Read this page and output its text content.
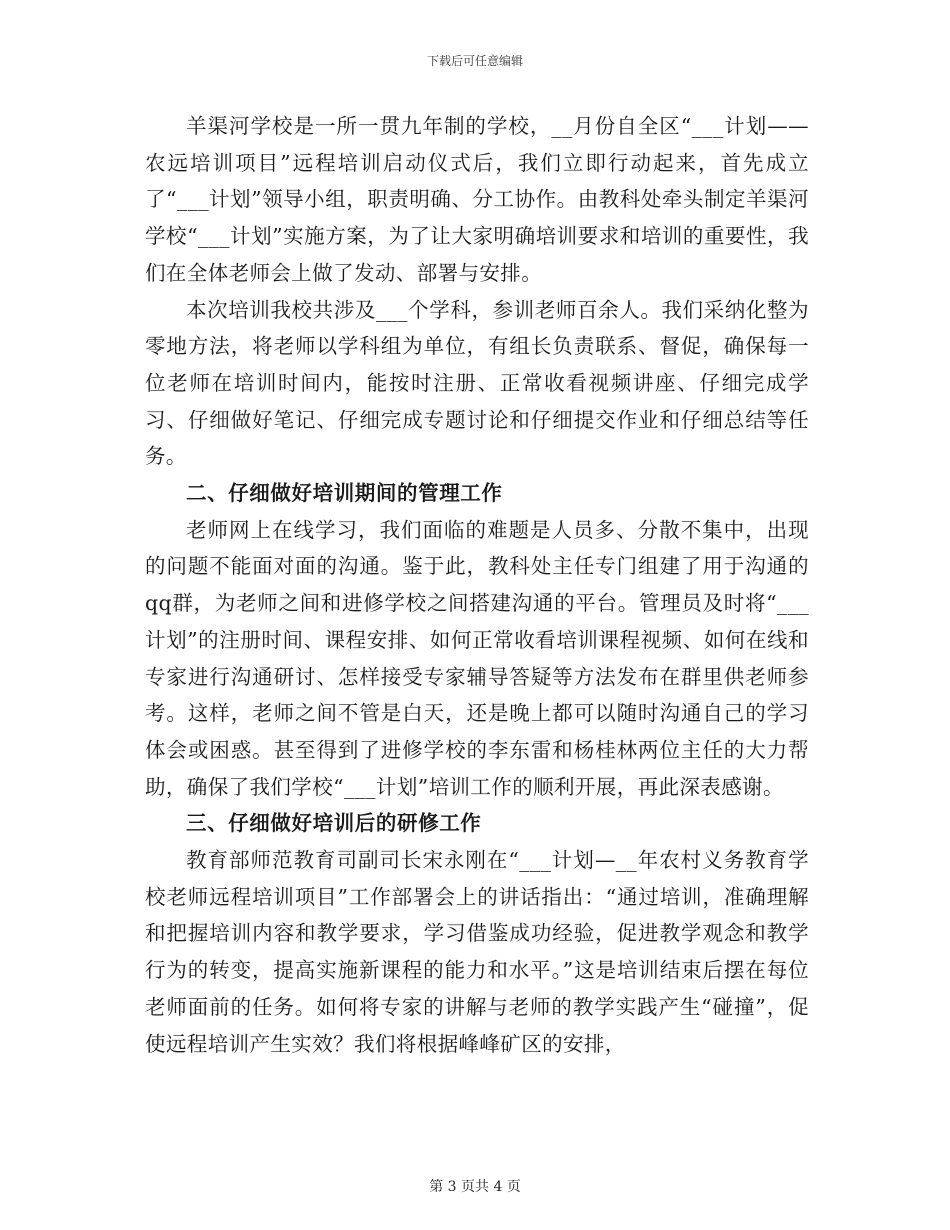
下载后可任意编辑

羊渠河学校是一所一贯九年制的学校，__月份自全区“___计划——农远培训项目”远程培训启动仪式后，我们立即行动起来，首先成立了“___计划”领导小组，职责明确、分工协作。由教科处牵头制定羊渠河学校“___计划”实施方案，为了让大家明确培训要求和培训的重要性，我们在全体老师会上做了发动、部署与安排。

本次培训我校共涉及___个学科，参训老师百余人。我们采纳化整为零地方法，将老师以学科组为单位，有组长负责联系、督促，确保每一位老师在培训时间内，能按时注册、正常收看视频讲座、仔细完成学习、仔细做好笔记、仔细完成专题讨论和仔细提交作业和仔细总结等任务。

二、仔细做好培训期间的管理工作

老师网上在线学习，我们面临的难题是人员多、分散不集中，出现的问题不能面对面的沟通。鉴于此，教科处主任专门组建了用于沟通的qq群，为老师之间和进修学校之间搭建沟通的平台。管理员及时将“___计划”的注册时间、课程安排、如何正常收看培训课程视频、如何在线和专家进行沟通研讨、怎样接受专家辅导答疑等方法发布在群里供老师参考。这样，老师之间不管是白天，还是晚上都可以随时沟通自己的学习体会或困惑。甚至得到了进修学校的李东雷和杨桂林两位主任的大力帮助，确保了我们学校“___计划”培训工作的顺利开展，再此深表感谢。

三、仔细做好培训后的研修工作

教育部师范教育司副司长宋永刚在“___计划—__年农村义务教育学校老师远程培训项目”工作部署会上的讲话指出：“通过培训，准确理解和把握培训内容和教学要求，学习借鉴成功经验，促进教学观念和教学行为的转变，提高实施新课程的能力和水平。”这是培训结束后摆在每位老师面前的任务。如何将专家的讲解与老师的教学实践产生“碰撞”，促使远程培训产生实效？我们将根据峰峰矿区的安排，

第 3 页共 4 页
